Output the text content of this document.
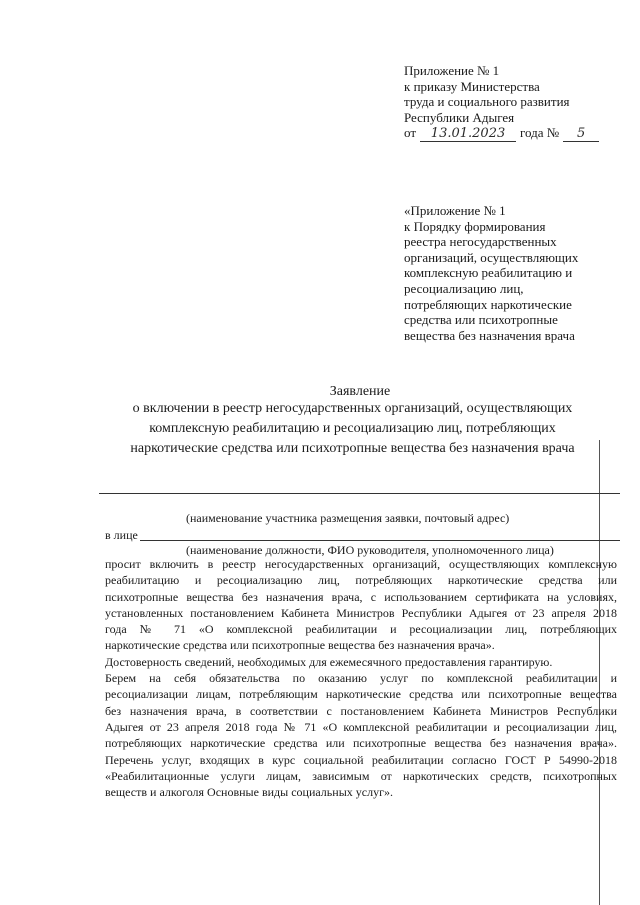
Приложение № 1
к приказу Министерства
труда и социального развития
Республики Адыгея
от	13.01.2023	года №	5
«Приложение № 1
к Порядку формирования
реестра негосударственных
организаций, осуществляющих
комплексную реабилитацию и
ресоциализацию лиц,
потребляющих наркотические
средства или психотропные
вещества без назначения врача
Заявление
о включении в реестр негосударственных организаций, осуществляющих
комплексную реабилитацию и ресоциализацию лиц, потребляющих
наркотические средства или психотропные вещества без назначения врача
(наименование участника размещения заявки, почтовый адрес)
в лице
(наименование должности, ФИО руководителя, уполномоченного лица)
просит включить в реестр негосударственных организаций, осуществляющих комплексную
реабилитацию и ресоциализацию лиц, потребляющих наркотические средства или
психотропные вещества без назначения врача, с использованием сертификата на условиях,
установленных постановлением Кабинета Министров Республики Адыгея от 23 апреля 2018
года № 71 «О комплексной реабилитации и ресоциализации лиц, потребляющих
наркотические средства или психотропные вещества без назначения врача».
Достоверность сведений, необходимых для ежемесячного предоставления гарантирую.
Берем на себя обязательства по оказанию услуг по комплексной реабилитации и
ресоциализации лицам, потребляющим наркотические средства или психотропные вещества
без назначения врача, в соответствии с постановлением Кабинета Министров Республики
Адыгея от 23 апреля 2018 года № 71 «О комплексной реабилитации и ресоциализации лиц,
потребляющих наркотические средства или психотропные вещества без назначения врача».
Перечень услуг, входящих в курс социальной реабилитации согласно ГОСТ Р 54990-2018
«Реабилитационные услуги лицам, зависимым от наркотических средств, психотропных
веществ и алкоголя Основные виды социальных услуг».
